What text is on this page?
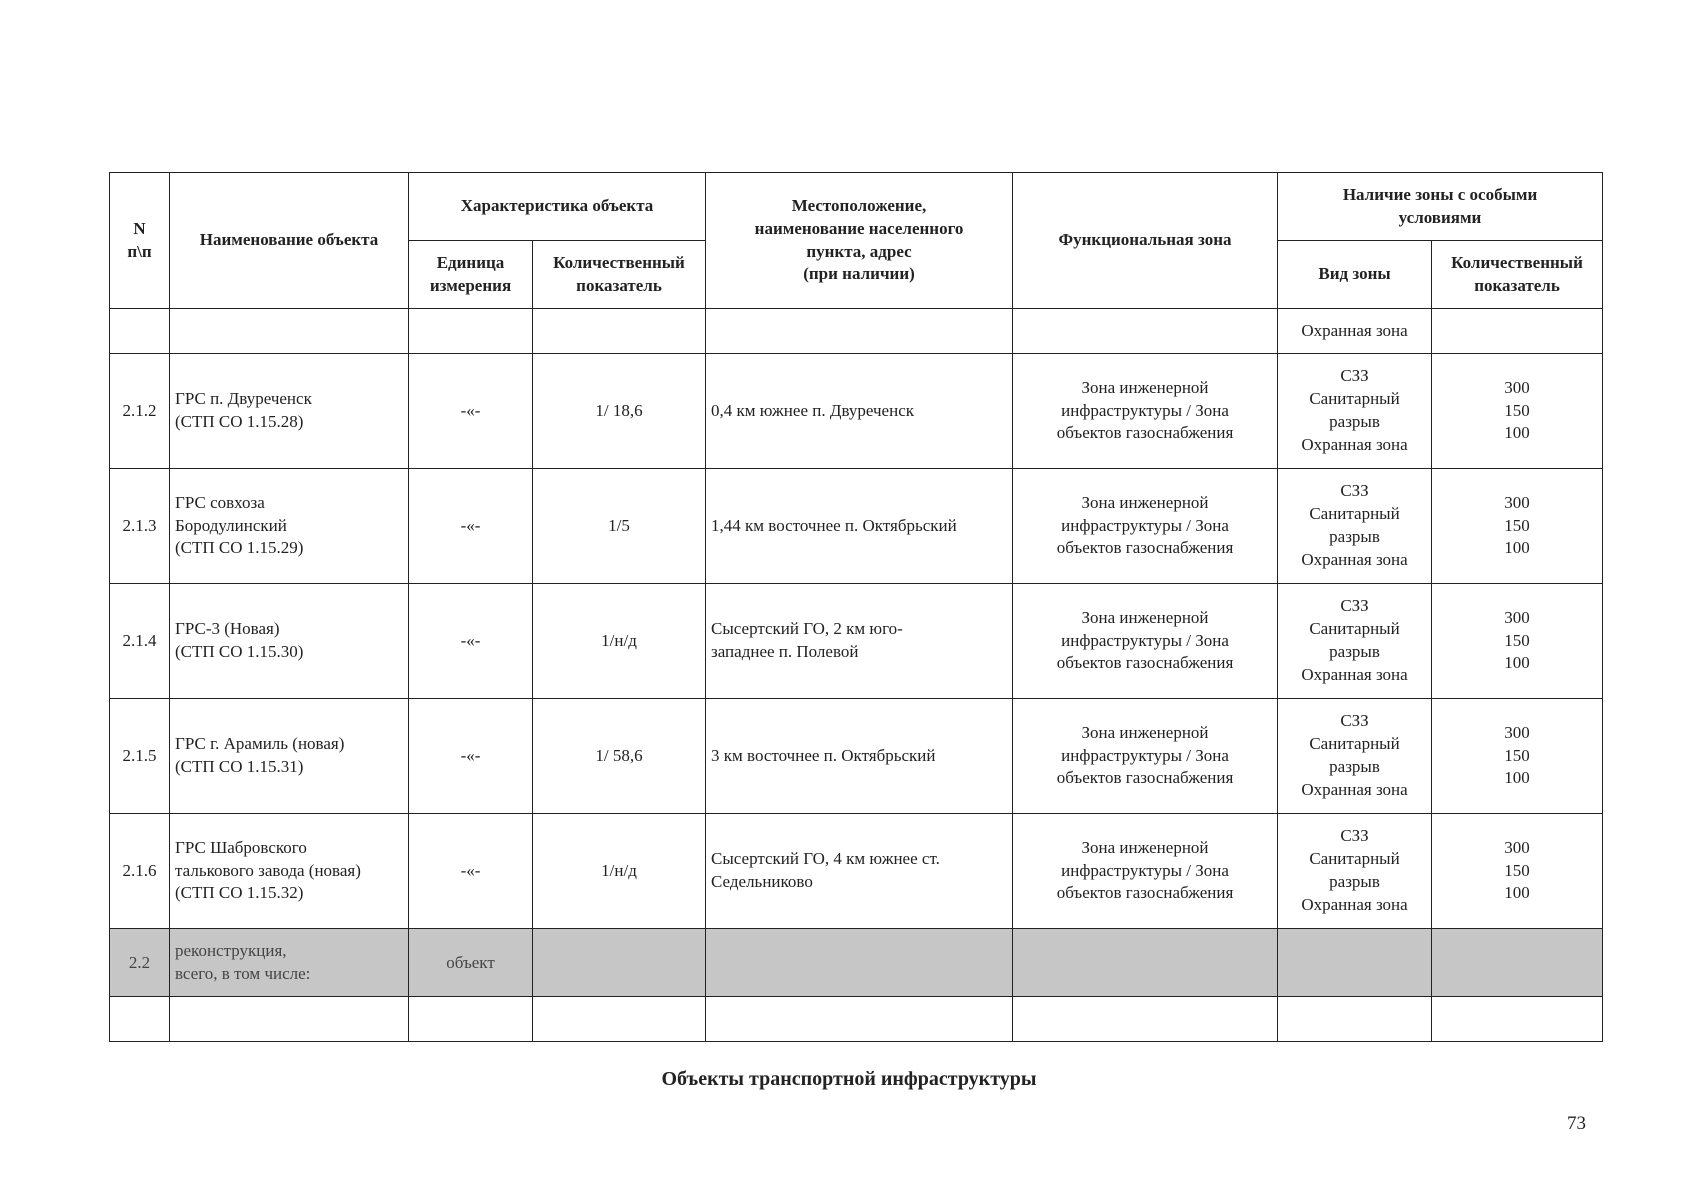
N
п\п	Наименование объекта	Характеристика объекта		Местоположение,
наименование населенного
пункта, адрес
(при наличии)	Функциональная зона	Наличие зоны с особыми
условиями	
		Единица
измерения	Количественный
показатель			Вид зоны	Количественный
показатель
						Охранная зона	
2.1.2	ГРС п. Двуреченск
(СТП СО 1.15.28)	-«-	1/ 18,6	0,4 км южнее п. Двуреченск	Зона инженерной
инфраструктуры / Зона
объектов газоснабжения	СЗЗ
Санитарный
разрыв
Охранная зона	300
150
100
2.1.3	ГРС совхоза
Бородулинский
(СТП СО 1.15.29)	-«-	1/5	1,44 км восточнее п. Октябрьский	Зона инженерной
инфраструктуры / Зона
объектов газоснабжения	СЗЗ
Санитарный
разрыв
Охранная зона	300
150
100
2.1.4	ГРС-3 (Новая)
(СТП СО 1.15.30)	-«-	1/н/д	Сысертский ГО, 2 км юго-
западнее п. Полевой	Зона инженерной
инфраструктуры / Зона
объектов газоснабжения	СЗЗ
Санитарный
разрыв
Охранная зона	300
150
100
2.1.5	ГРС г. Арамиль (новая)
(СТП СО 1.15.31)	-«-	1/ 58,6	3 км восточнее п. Октябрьский	Зона инженерной
инфраструктуры / Зона
объектов газоснабжения	СЗЗ
Санитарный
разрыв
Охранная зона	300
150
100
2.1.6	ГРС Шабровского
талькового завода (новая)
(СТП СО 1.15.32)	-«-	1/н/д	Сысертский ГО, 4 км южнее ст.
Седельниково	Зона инженерной
инфраструктуры / Зона
объектов газоснабжения	СЗЗ
Санитарный
разрыв
Охранная зона	300
150
100
2.2	реконструкция,
всего, в том числе:	объект					

Объекты транспортной инфраструктуры
73
